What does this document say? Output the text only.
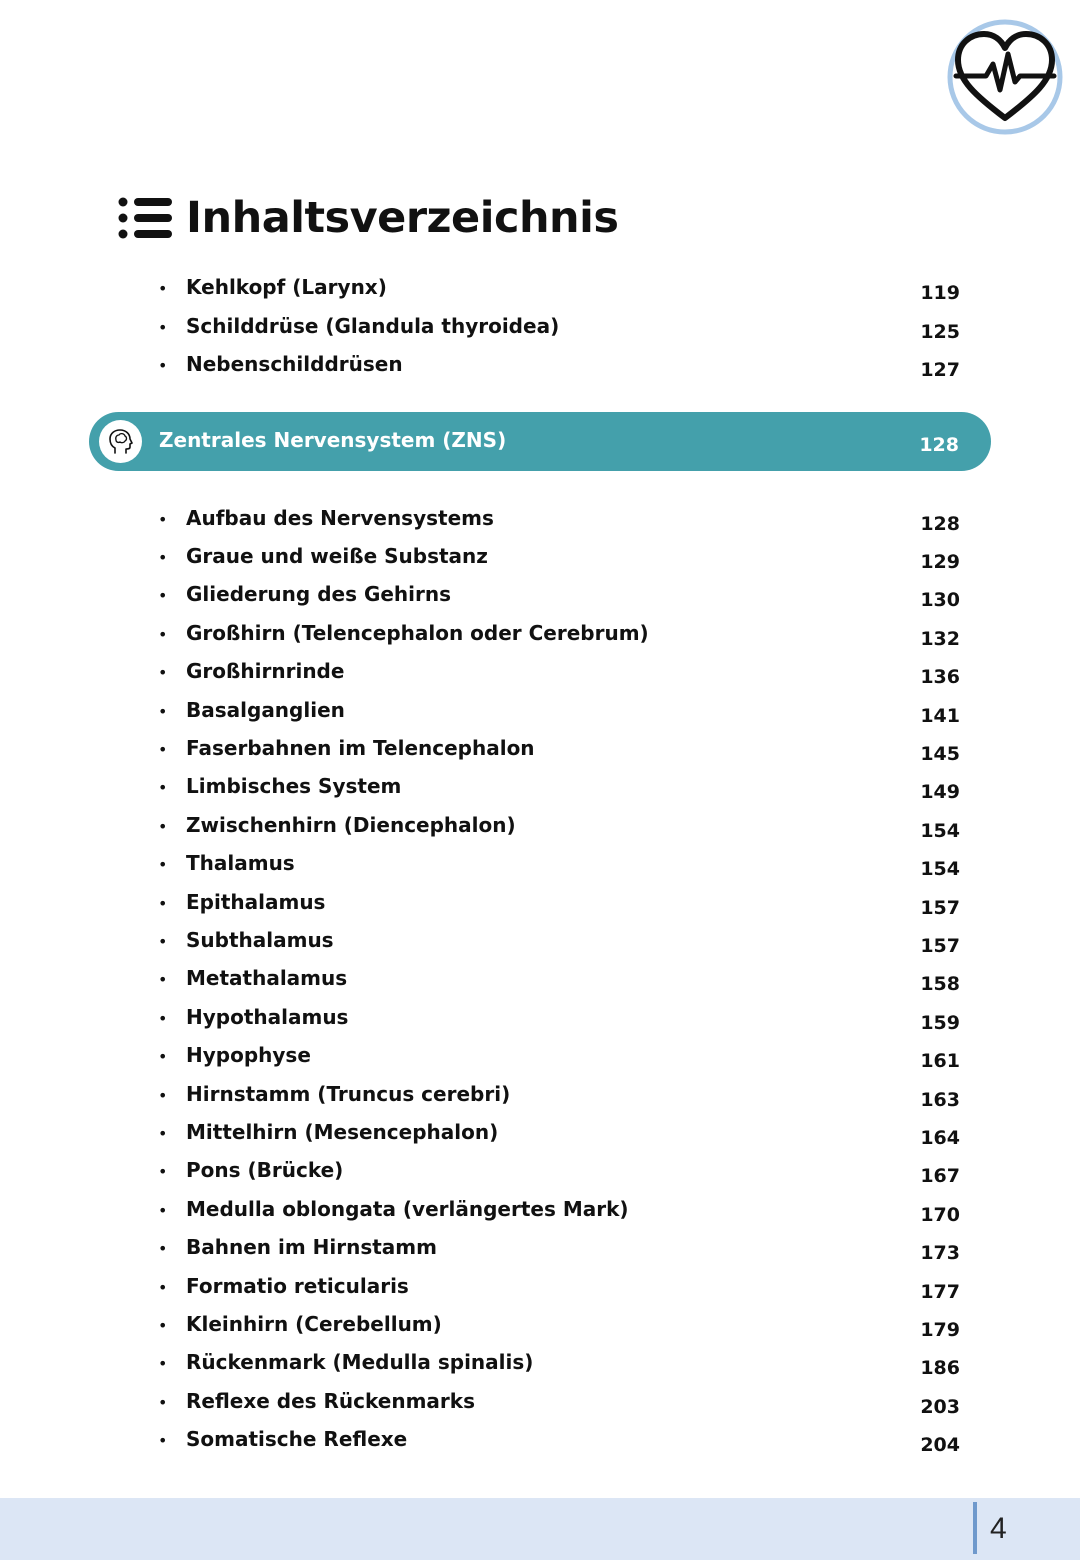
Inhaltsverzeichnis
• Kehlkopf (Larynx)	119
• Schilddrüse (Glandula thyroidea)	125
• Nebenschilddrüsen	127
Zentrales Nervensystem (ZNS)	128
• Aufbau des Nervensystems	128
• Graue und weiße Substanz	129
• Gliederung des Gehirns	130
• Großhirn (Telencephalon oder Cerebrum)	132
• Großhirnrinde	136
• Basalganglien	141
• Faserbahnen im Telencephalon	145
• Limbisches System	149
• Zwischenhirn (Diencephalon)	154
• Thalamus	154
• Epithalamus	157
• Subthalamus	157
• Metathalamus	158
• Hypothalamus	159
• Hypophyse	161
• Hirnstamm (Truncus cerebri)	163
• Mittelhirn (Mesencephalon)	164
• Pons (Brücke)	167
• Medulla oblongata (verlängertes Mark)	170
• Bahnen im Hirnstamm	173
• Formatio reticularis	177
• Kleinhirn (Cerebellum)	179
• Rückenmark (Medulla spinalis)	186
• Reflexe des Rückenmarks	203
• Somatische Reflexe	204
4
